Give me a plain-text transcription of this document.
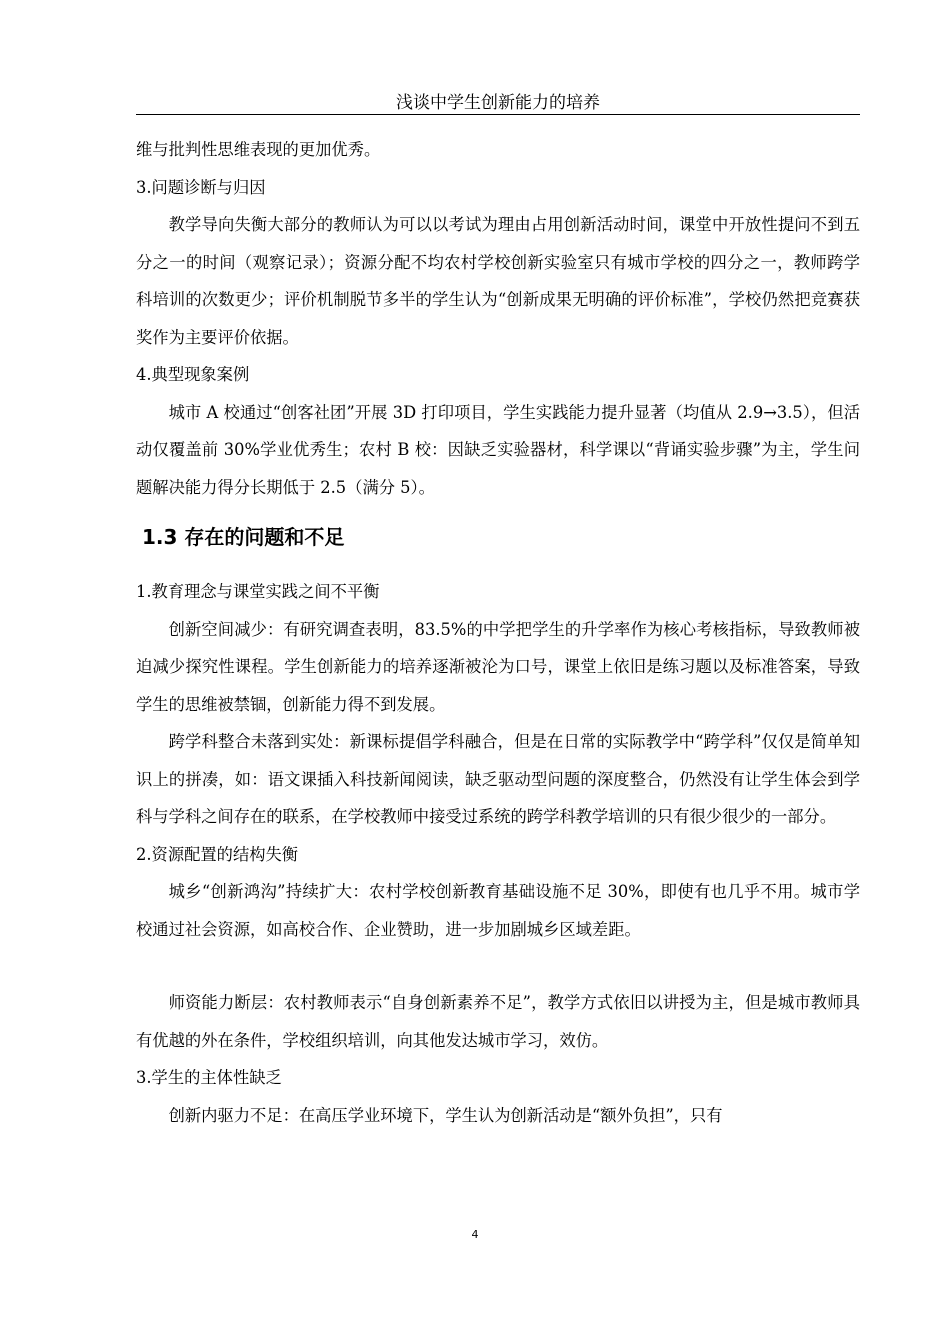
浅谈中学生创新能力的培养

维与批判性思维表现的更加优秀。

3.问题诊断与归因

教学导向失衡大部分的教师认为可以以考试为理由占用创新活动时间，课堂中开放性提问不到五分之一的时间（观察记录）；资源分配不均农村学校创新实验室只有城市学校的四分之一，教师跨学科培训的次数更少；评价机制脱节多半的学生认为“创新成果无明确的评价标准”，学校仍然把竞赛获奖作为主要评价依据。

4.典型现象案例

城市 A 校通过“创客社团”开展 3D 打印项目，学生实践能力提升显著（均值从 2.9→3.5），但活动仅覆盖前 30%学业优秀生；农村 B 校：因缺乏实验器材，科学课以“背诵实验步骤”为主，学生问题解决能力得分长期低于 2.5（满分 5）。

1.3 存在的问题和不足

1.教育理念与课堂实践之间不平衡

创新空间减少：有研究调查表明，83.5%的中学把学生的升学率作为核心考核指标，导致教师被迫减少探究性课程。学生创新能力的培养逐渐被沦为口号，课堂上依旧是练习题以及标准答案，导致学生的思维被禁锢，创新能力得不到发展。

跨学科整合未落到实处：新课标提倡学科融合，但是在日常的实际教学中“跨学科”仅仅是简单知识上的拼凑，如：语文课插入科技新闻阅读，缺乏驱动型问题的深度整合，仍然没有让学生体会到学科与学科之间存在的联系，在学校教师中接受过系统的跨学科教学培训的只有很少很少的一部分。

2.资源配置的结构失衡

城乡“创新鸿沟”持续扩大：农村学校创新教育基础设施不足 30%，即使有也几乎不用。城市学校通过社会资源，如高校合作、企业赞助，进一步加剧城乡区域差距。

师资能力断层：农村教师表示“自身创新素养不足”，教学方式依旧以讲授为主，但是城市教师具有优越的外在条件，学校组织培训，向其他发达城市学习，效仿。

3.学生的主体性缺乏

创新内驱力不足：在高压学业环境下，学生认为创新活动是“额外负担”，只有

4
